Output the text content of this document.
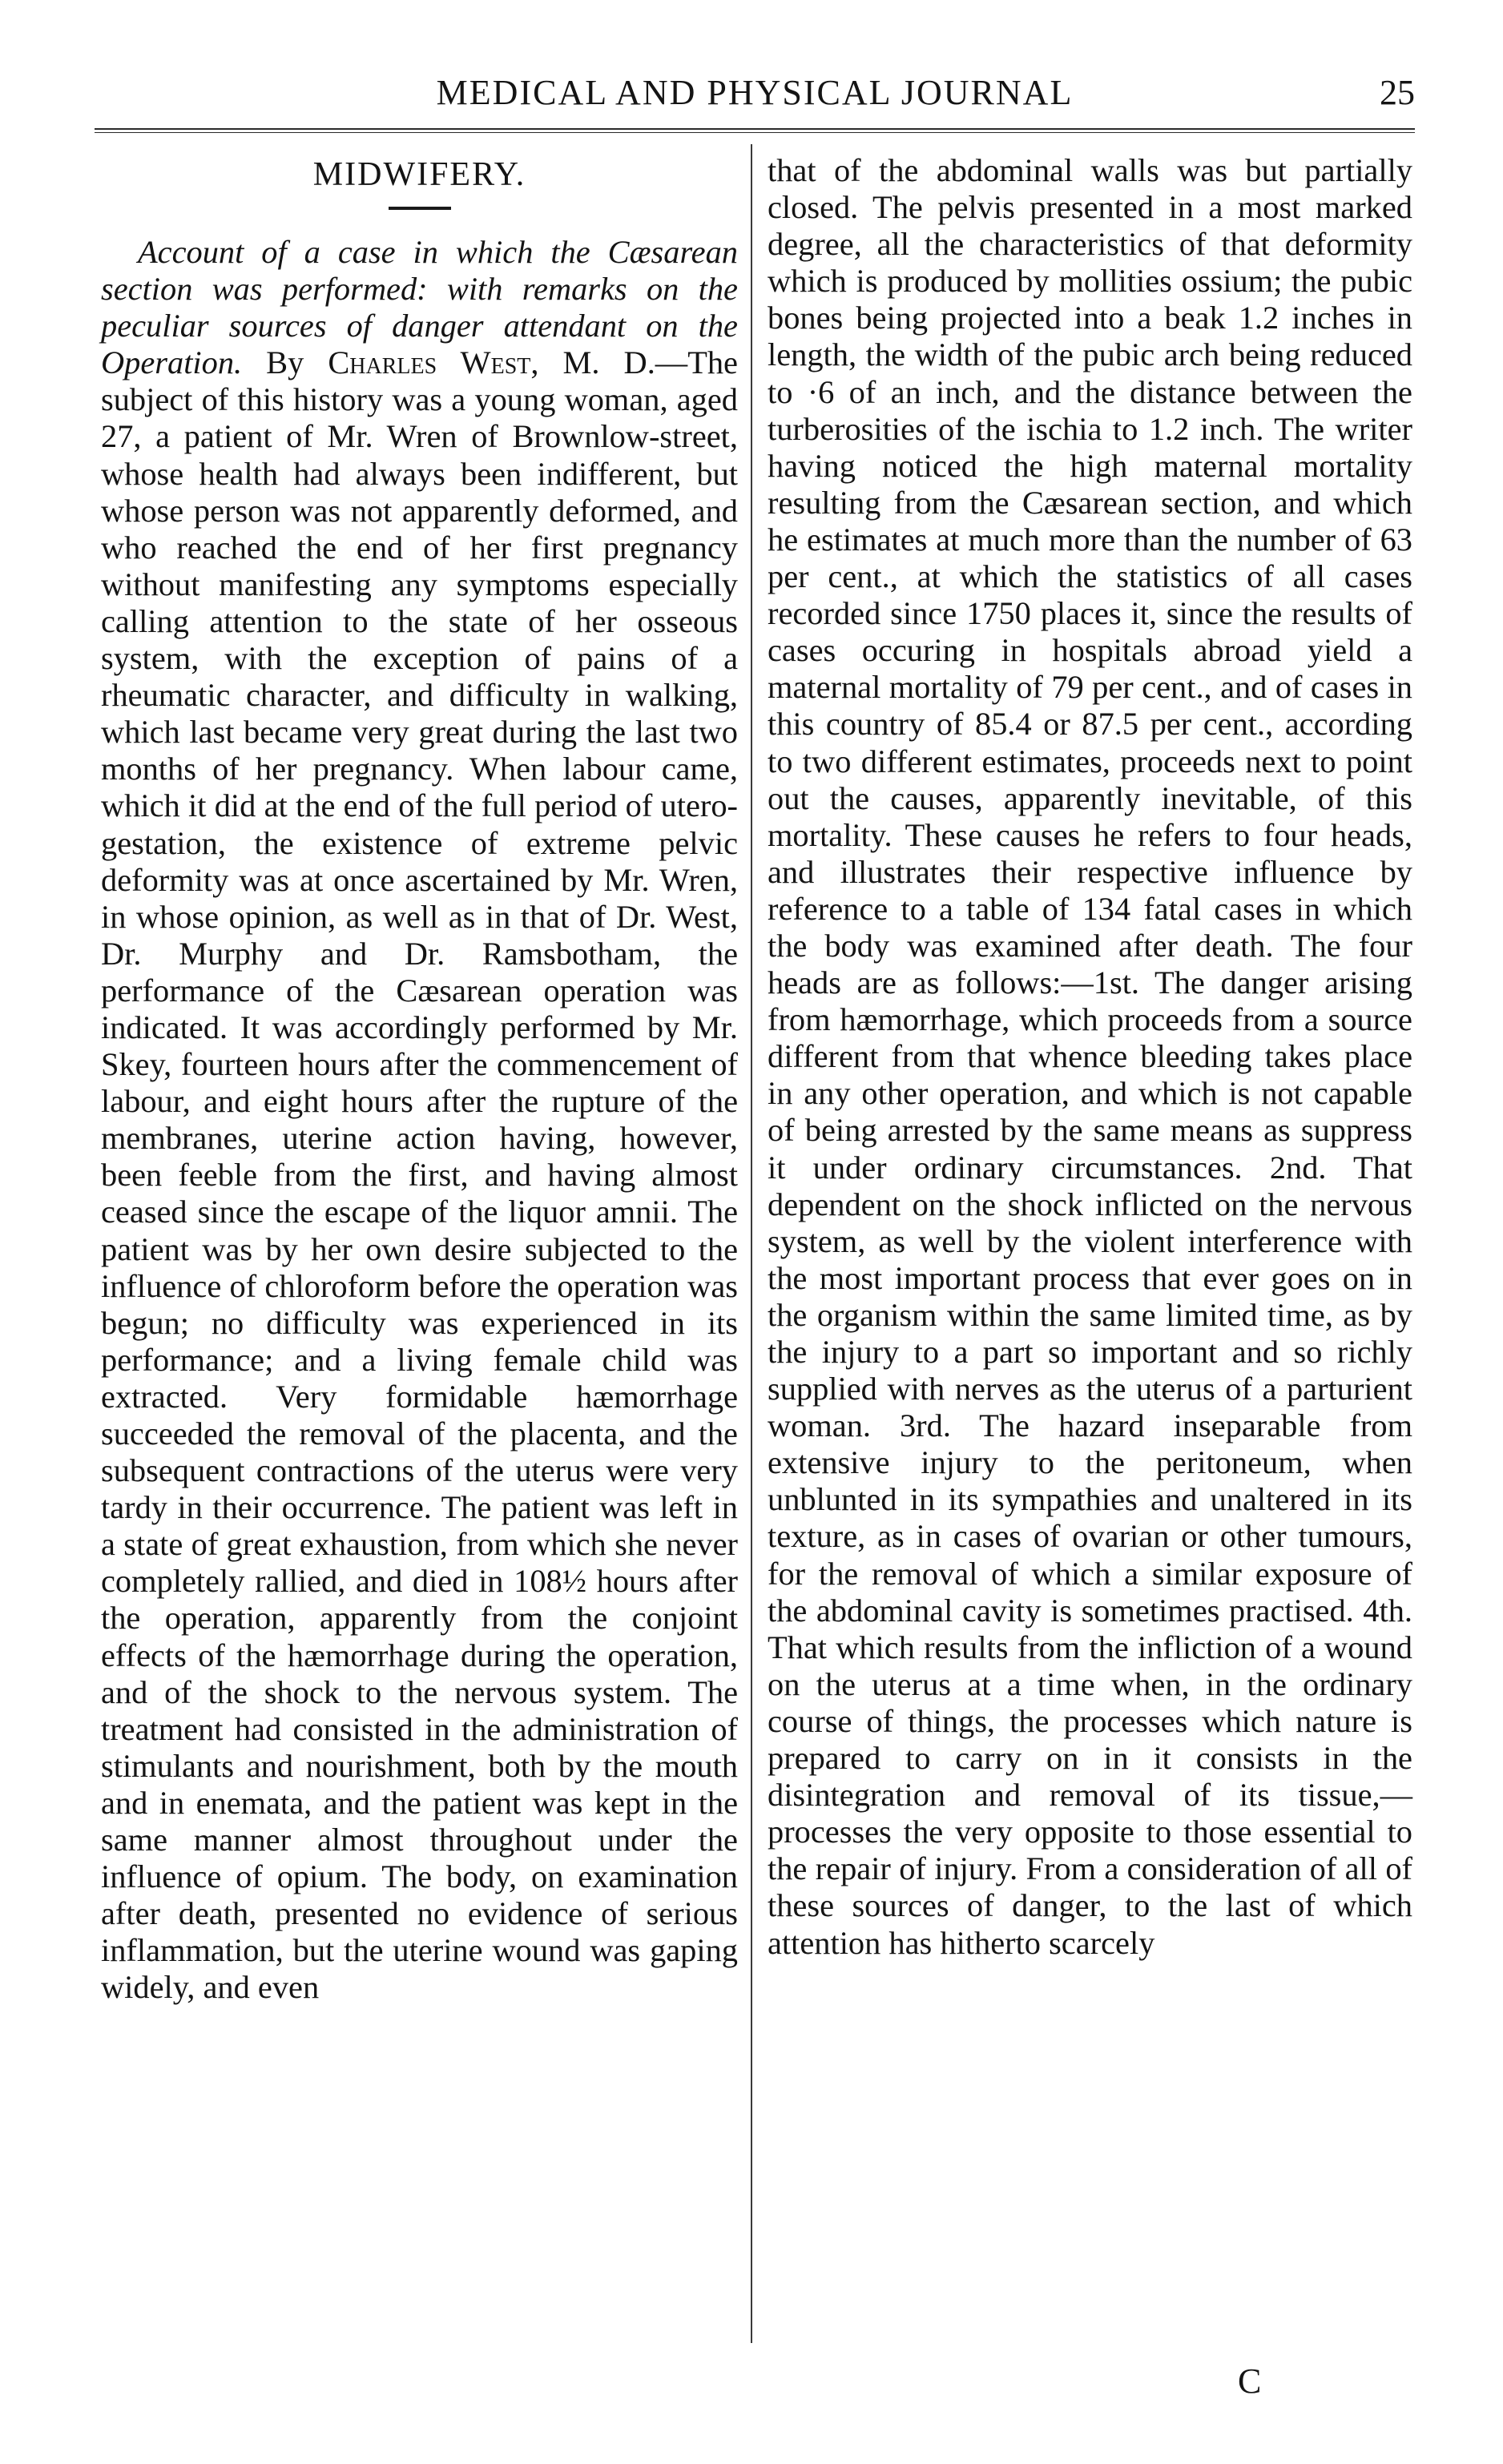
MEDICAL AND PHYSICAL JOURNAL	25
MIDWIFERY.

Account of a case in which the Cæsarean section was performed: with remarks on the peculiar sources of danger attendant on the Operation. By Charles West, M. D.—The subject of this history was a young woman, aged 27, a patient of Mr. Wren of Brownlow-street, whose health had always been indifferent, but whose person was not apparently deformed, and who reached the end of her first pregnancy without manifesting any symptoms especially calling attention to the state of her osseous system, with the exception of pains of a rheumatic character, and difficulty in walking, which last became very great during the last two months of her pregnancy. When labour came, which it did at the end of the full period of utero-gestation, the existence of extreme pelvic deformity was at once ascertained by Mr. Wren, in whose opinion, as well as in that of Dr. West, Dr. Murphy and Dr. Ramsbotham, the performance of the Cæsarean operation was indicated. It was accordingly performed by Mr. Skey, fourteen hours after the commencement of labour, and eight hours after the rupture of the membranes, uterine action having, however, been feeble from the first, and having almost ceased since the escape of the liquor amnii. The patient was by her own desire subjected to the influence of chloroform before the operation was begun; no difficulty was experienced in its performance; and a living female child was extracted. Very formidable hæmorrhage succeeded the removal of the placenta, and the subsequent contractions of the uterus were very tardy in their occurrence. The patient was left in a state of great exhaustion, from which she never completely rallied, and died in 108½ hours after the operation, apparently from the conjoint effects of the hæmorrhage during the operation, and of the shock to the nervous system. The treatment had consisted in the administration of stimulants and nourishment, both by the mouth and in enemata, and the patient was kept in the same manner almost throughout under the influence of opium. The body, on examination after death, presented no evidence of serious inflammation, but the uterine wound was gaping widely, and even

that of the abdominal walls was but partially closed. The pelvis presented in a most marked degree, all the characteristics of that deformity which is produced by mollities ossium; the pubic bones being projected into a beak 1.2 inches in length, the width of the pubic arch being reduced to ·6 of an inch, and the distance between the turberosities of the ischia to 1.2 inch. The writer having noticed the high maternal mortality resulting from the Cæsarean section, and which he estimates at much more than the number of 63 per cent., at which the statistics of all cases recorded since 1750 places it, since the results of cases occuring in hospitals abroad yield a maternal mortality of 79 per cent., and of cases in this country of 85.4 or 87.5 per cent., according to two different estimates, proceeds next to point out the causes, apparently inevitable, of this mortality. These causes he refers to four heads, and illustrates their respective influence by reference to a table of 134 fatal cases in which the body was examined after death. The four heads are as follows:—1st. The danger arising from hæmorrhage, which proceeds from a source different from that whence bleeding takes place in any other operation, and which is not capable of being arrested by the same means as suppress it under ordinary circumstances. 2nd. That dependent on the shock inflicted on the nervous system, as well by the violent interference with the most important process that ever goes on in the organism within the same limited time, as by the injury to a part so important and so richly supplied with nerves as the uterus of a parturient woman. 3rd. The hazard inseparable from extensive injury to the peritoneum, when unblunted in its sympathies and unaltered in its texture, as in cases of ovarian or other tumours, for the removal of which a similar exposure of the abdominal cavity is sometimes practised. 4th. That which results from the infliction of a wound on the uterus at a time when, in the ordinary course of things, the processes which nature is prepared to carry on in it consists in the disintegration and removal of its tissue,—processes the very opposite to those essential to the repair of injury. From a consideration of all of these sources of danger, to the last of which attention has hitherto scarcely

C
